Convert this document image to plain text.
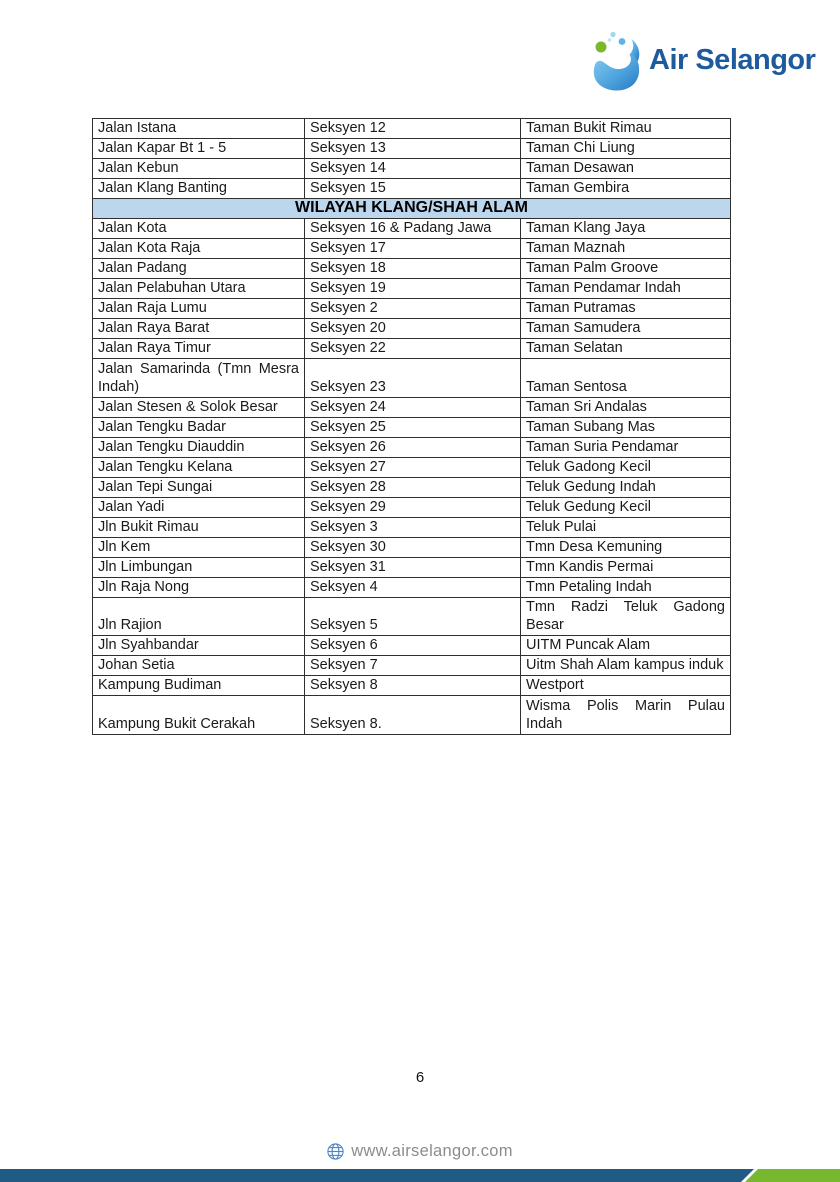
Air Selangor
Jalan Istana	Seksyen 12	Taman Bukit Rimau
Jalan Kapar Bt 1 - 5	Seksyen 13	Taman Chi Liung
Jalan Kebun	Seksyen 14	Taman Desawan
Jalan Klang Banting	Seksyen 15	Taman Gembira
WILAYAH KLANG/SHAH ALAM		
Jalan Kota	Seksyen 16 & Padang Jawa	Taman Klang Jaya
Jalan Kota Raja	Seksyen 17	Taman Maznah
Jalan Padang	Seksyen 18	Taman Palm Groove
Jalan Pelabuhan Utara	Seksyen 19	Taman Pendamar Indah
Jalan Raja Lumu	Seksyen 2	Taman Putramas
Jalan Raya Barat	Seksyen 20	Taman Samudera
Jalan Raya Timur	Seksyen 22	Taman Selatan
Jalan Samarinda (Tmn Mesra Indah)	Seksyen 23	Taman Sentosa
Jalan Stesen & Solok Besar	Seksyen 24	Taman Sri Andalas
Jalan Tengku Badar	Seksyen 25	Taman Subang Mas
Jalan Tengku Diauddin	Seksyen 26	Taman Suria Pendamar
Jalan Tengku Kelana	Seksyen 27	Teluk Gadong Kecil
Jalan Tepi Sungai	Seksyen 28	Teluk Gedung Indah
Jalan Yadi	Seksyen 29	Teluk Gedung Kecil
Jln Bukit Rimau	Seksyen 3	Teluk Pulai
Jln Kem	Seksyen 30	Tmn Desa Kemuning
Jln Limbungan	Seksyen 31	Tmn Kandis Permai
Jln Raja Nong	Seksyen 4	Tmn Petaling Indah
Jln Rajion	Seksyen 5	Tmn Radzi Teluk Gadong Besar
Jln Syahbandar	Seksyen 6	UITM Puncak Alam
Johan Setia	Seksyen 7	Uitm Shah Alam kampus induk
Kampung Budiman	Seksyen 8	Westport
Kampung Bukit Cerakah	Seksyen 8.	Wisma Polis Marin Pulau Indah
6
www.airselangor.com
